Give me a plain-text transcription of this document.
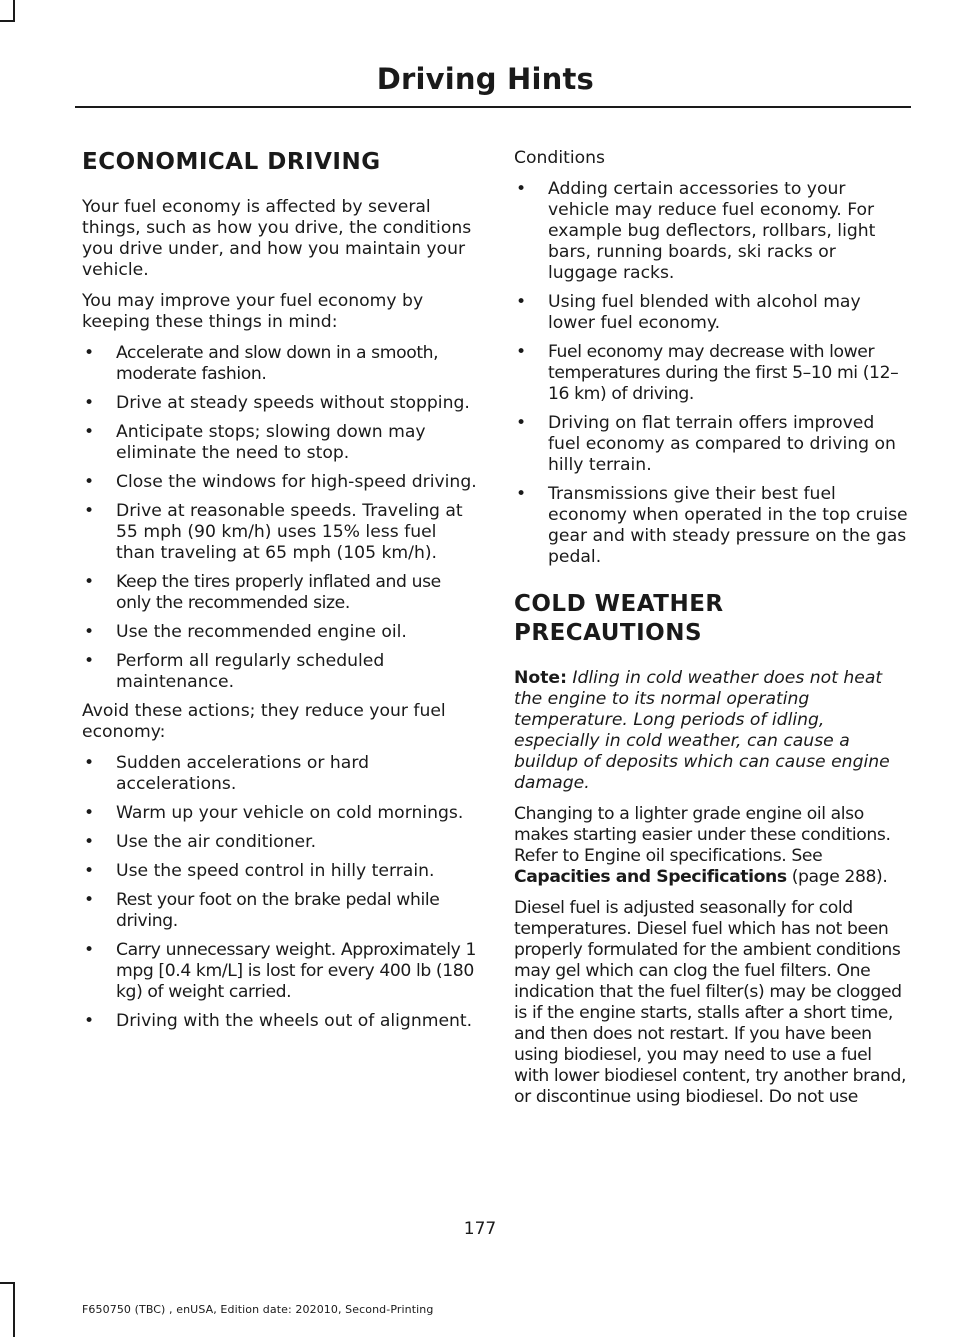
Driving Hints
ECONOMICAL DRIVING

Your fuel economy is affected by several things, such as how you drive, the conditions you drive under, and how you maintain your vehicle.

You may improve your fuel economy by keeping these things in mind:

• Accelerate and slow down in a smooth, moderate fashion.
• Drive at steady speeds without stopping.
• Anticipate stops; slowing down may eliminate the need to stop.
• Close the windows for high-speed driving.
• Drive at reasonable speeds. Traveling at 55 mph (90 km/h) uses 15% less fuel than traveling at 65 mph (105 km/h).
• Keep the tires properly inflated and use only the recommended size.
• Use the recommended engine oil.
• Perform all regularly scheduled maintenance.

Avoid these actions; they reduce your fuel economy:

• Sudden accelerations or hard accelerations.
• Warm up your vehicle on cold mornings.
• Use the air conditioner.
• Use the speed control in hilly terrain.
• Rest your foot on the brake pedal while driving.
• Carry unnecessary weight. Approximately 1 mpg [0.4 km/L] is lost for every 400 lb (180 kg) of weight carried.
• Driving with the wheels out of alignment.

Conditions

• Adding certain accessories to your vehicle may reduce fuel economy. For example bug deflectors, rollbars, light bars, running boards, ski racks or luggage racks.
• Using fuel blended with alcohol may lower fuel economy.
• Fuel economy may decrease with lower temperatures during the first 5–10 mi (12–16 km) of driving.
• Driving on flat terrain offers improved fuel economy as compared to driving on hilly terrain.
• Transmissions give their best fuel economy when operated in the top cruise gear and with steady pressure on the gas pedal.
COLD WEATHER
PRECAUTIONS

Note: Idling in cold weather does not heat the engine to its normal operating temperature. Long periods of idling, especially in cold weather, can cause a buildup of deposits which can cause engine damage.

Changing to a lighter grade engine oil also makes starting easier under these conditions. Refer to Engine oil specifications. See Capacities and Specifications (page 288).

Diesel fuel is adjusted seasonally for cold temperatures. Diesel fuel which has not been properly formulated for the ambient conditions may gel which can clog the fuel filters. One indication that the fuel filter(s) may be clogged is if the engine starts, stalls after a short time, and then does not restart. If you have been using biodiesel, you may need to use a fuel with lower biodiesel content, try another brand, or discontinue using biodiesel. Do not use

177
F650750 (TBC) , enUSA, Edition date: 202010, Second-Printing
